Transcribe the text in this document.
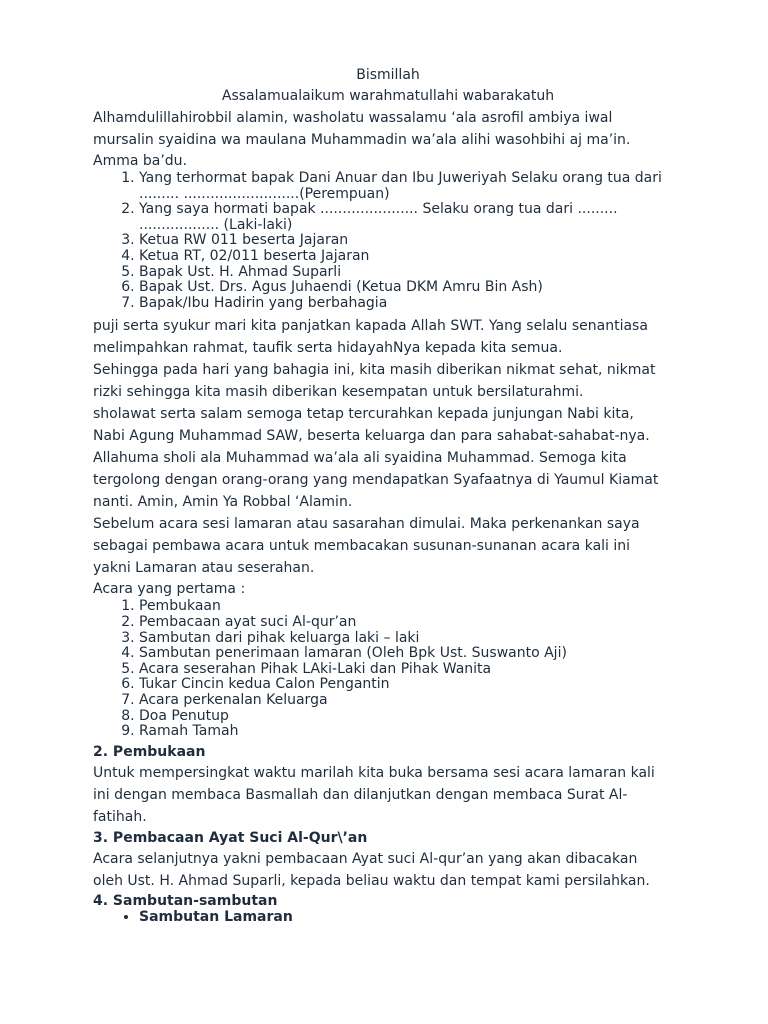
Bismillah

Assalamualaikum warahmatullahi wabarakatuh

Alhamdulillahirobbil alamin, washolatu wassalamu ‘ala asrofil ambiya iwal

mursalin syaidina wa maulana Muhammadin wa’ala alihi wasohbihi aj ma’in.

Amma ba’du.

1. Yang terhormat bapak Dani Anuar dan Ibu Juweriyah Selaku orang tua dari ......... ..........................(Perempuan)
2. Yang saya hormati bapak ...................... Selaku orang tua dari ......... .................. (Laki-laki)
3. Ketua RW 011 beserta Jajaran
4. Ketua RT, 02/011 beserta Jajaran
5. Bapak Ust. H. Ahmad Suparli
6. Bapak Ust. Drs. Agus Juhaendi (Ketua DKM Amru Bin Ash)
7. Bapak/Ibu Hadirin yang berbahagia

puji serta syukur mari kita panjatkan kapada Allah SWT. Yang selalu senantiasa

melimpahkan rahmat, taufik serta hidayahNya kepada kita semua.

Sehingga pada hari yang bahagia ini, kita masih diberikan nikmat sehat, nikmat

rizki sehingga kita masih diberikan kesempatan untuk bersilaturahmi.

sholawat serta salam semoga tetap tercurahkan kepada junjungan Nabi kita,

Nabi Agung Muhammad SAW, beserta keluarga dan para sahabat-sahabat-nya.

Allahuma sholi ala Muhammad wa’ala ali syaidina Muhammad. Semoga kita

tergolong dengan orang-orang yang mendapatkan Syafaatnya di Yaumul Kiamat

nanti. Amin, Amin Ya Robbal ‘Alamin.

Sebelum acara sesi lamaran atau sasarahan dimulai. Maka perkenankan saya

sebagai pembawa acara untuk membacakan susunan-sunanan acara kali ini

yakni Lamaran atau seserahan.

Acara yang pertama :

1. Pembukaan
2. Pembacaan ayat suci Al-qur’an
3. Sambutan dari pihak keluarga laki – laki
4. Sambutan penerimaan lamaran (Oleh Bpk Ust. Suswanto Aji)
5. Acara seserahan Pihak LAki-Laki dan Pihak Wanita
6. Tukar Cincin kedua Calon Pengantin
7. Acara perkenalan Keluarga
8. Doa Penutup
9. Ramah Tamah

2. Pembukaan

Untuk mempersingkat waktu marilah kita buka bersama sesi acara lamaran kali

ini dengan membaca Basmallah dan dilanjutkan dengan membaca Surat Al-

fatihah.

3. Pembacaan Ayat Suci Al-Qur\’an

Acara selanjutnya yakni pembacaan Ayat suci Al-qur’an yang akan dibacakan

oleh Ust. H. Ahmad Suparli, kepada beliau waktu dan tempat kami persilahkan.

4. Sambutan-sambutan

• Sambutan Lamaran
